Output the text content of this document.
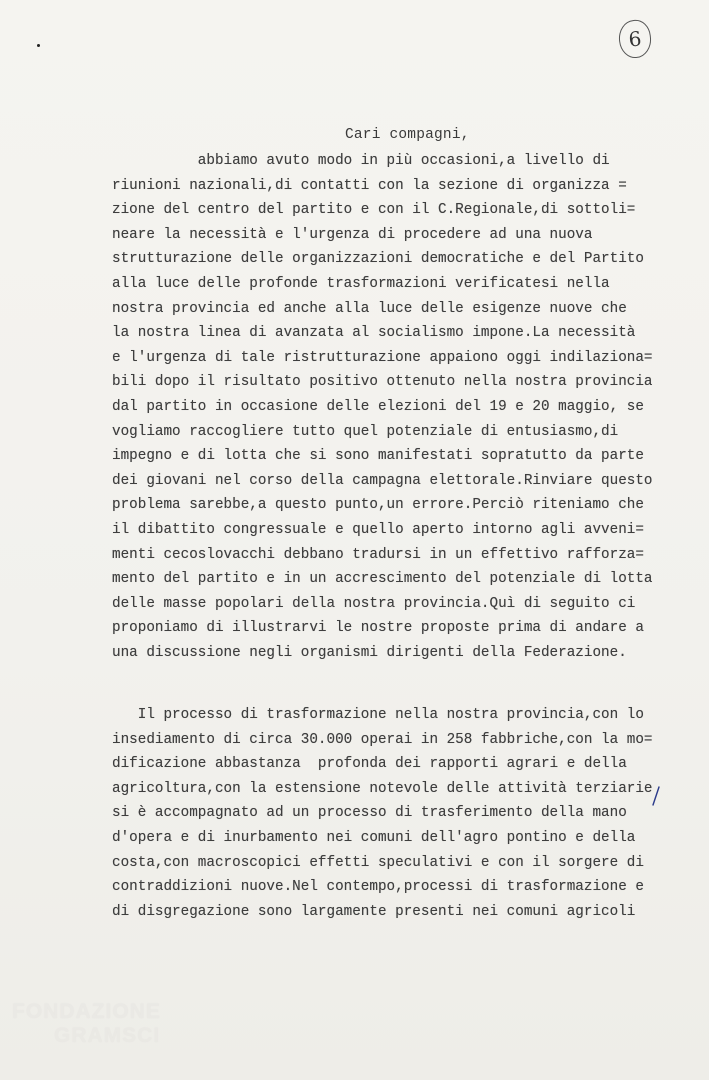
6
Cari compagni,
abbiamo avuto modo in più occasioni,a livello di
riunioni nazionali,di contatti con la sezione di organizza =
zione del centro del partito e con il C.Regionale,di sottoli=
neare la necessità e l'urgenza di procedere ad una nuova
strutturazione delle organizzazioni democratiche e del Partito
alla luce delle profonde trasformazioni verificatesi nella
nostra provincia ed anche alla luce delle esigenze nuove che
la nostra linea di avanzata al socialismo impone.La necessità
e l'urgenza di tale ristrutturazione appaiono oggi indilaziona=
bili dopo il risultato positivo ottenuto nella nostra provincia
dal partito in occasione delle elezioni del 19 e 20 maggio, se
vogliamo raccogliere tutto quel potenziale di entusiasmo,di
impegno e di lotta che si sono manifestati sopratutto da parte
dei giovani nel corso della campagna elettorale.Rinviare questo
problema sarebbe,a questo punto,un errore.Perciò riteniamo che
il dibattito congressuale e quello aperto intorno agli avveni=
menti cecoslovacchi debbano tradursi in un effettivo rafforza=
mento del partito e in un accrescimento del potenziale di lotta
delle masse popolari della nostra provincia.Quì di seguito ci
proponiamo di illustrarvi le nostre proposte prima di andare a
una discussione negli organismi dirigenti della Federazione.
Il processo di trasformazione nella nostra provincia,con lo
insediamento di circa 30.000 operai in 258 fabbriche,con la mo=
dificazione abbastanza  profonda dei rapporti agrari e della
agricoltura,con la estensione notevole delle attività terziarie
si è accompagnato ad un processo di trasferimento della mano
d'opera e di inurbamento nei comuni dell'agro pontino e della
costa,con macroscopici effetti speculativi e con il sorgere di
contraddizioni nuove.Nel contempo,processi di trasformazione e
di disgregazione sono largamente presenti nei comuni agricoli
FONDAZIONE
GRAMSCI
